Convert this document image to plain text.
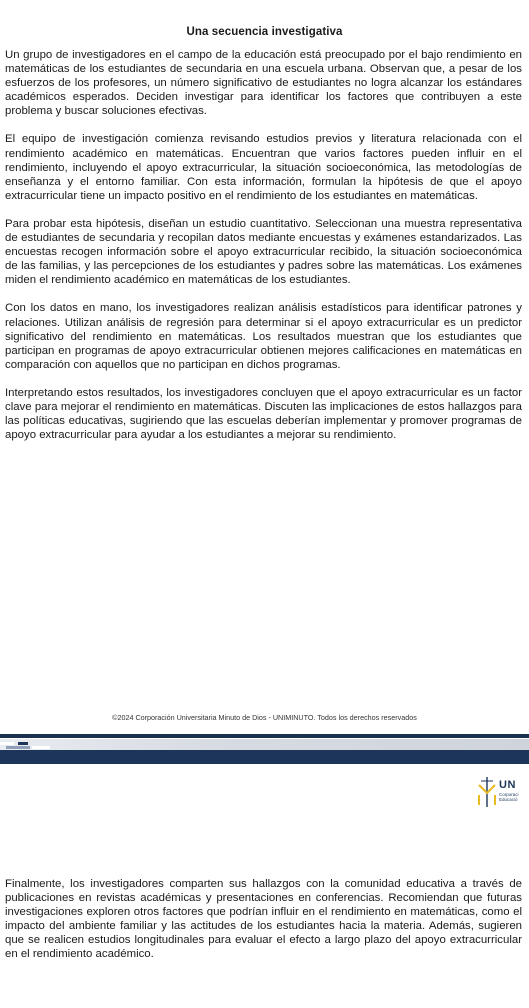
Una secuencia investigativa

Un grupo de investigadores en el campo de la educación está preocupado por el bajo rendimiento en matemáticas de los estudiantes de secundaria en una escuela urbana. Observan que, a pesar de los esfuerzos de los profesores, un número significativo de estudiantes no logra alcanzar los estándares académicos esperados. Deciden investigar para identificar los factores que contribuyen a este problema y buscar soluciones efectivas.

El equipo de investigación comienza revisando estudios previos y literatura relacionada con el rendimiento académico en matemáticas. Encuentran que varios factores pueden influir en el rendimiento, incluyendo el apoyo extracurricular, la situación socioeconómica, las metodologías de enseñanza y el entorno familiar. Con esta información, formulan la hipótesis de que el apoyo extracurricular tiene un impacto positivo en el rendimiento de los estudiantes en matemáticas.

Para probar esta hipótesis, diseñan un estudio cuantitativo. Seleccionan una muestra representativa de estudiantes de secundaria y recopilan datos mediante encuestas y exámenes estandarizados. Las encuestas recogen información sobre el apoyo extracurricular recibido, la situación socioeconómica de las familias, y las percepciones de los estudiantes y padres sobre las matemáticas. Los exámenes miden el rendimiento académico en matemáticas de los estudiantes.

Con los datos en mano, los investigadores realizan análisis estadísticos para identificar patrones y relaciones. Utilizan análisis de regresión para determinar si el apoyo extracurricular es un predictor significativo del rendimiento en matemáticas. Los resultados muestran que los estudiantes que participan en programas de apoyo extracurricular obtienen mejores calificaciones en matemáticas en comparación con aquellos que no participan en dichos programas.

Interpretando estos resultados, los investigadores concluyen que el apoyo extracurricular es un factor clave para mejorar el rendimiento en matemáticas. Discuten las implicaciones de estos hallazgos para las políticas educativas, sugiriendo que las escuelas deberían implementar y promover programas de apoyo extracurricular para ayudar a los estudiantes a mejorar su rendimiento.

©2024 Corporación Universitaria Minuto de Dios - UNIMINUTO. Todos los derechos reservados
UN
Corporaci
Educació

Finalmente, los investigadores comparten sus hallazgos con la comunidad educativa a través de publicaciones en revistas académicas y presentaciones en conferencias. Recomiendan que futuras investigaciones exploren otros factores que podrían influir en el rendimiento en matemáticas, como el impacto del ambiente familiar y las actitudes de los estudiantes hacia la materia. Además, sugieren que se realicen estudios longitudinales para evaluar el efecto a largo plazo del apoyo extracurricular en el rendimiento académico.
